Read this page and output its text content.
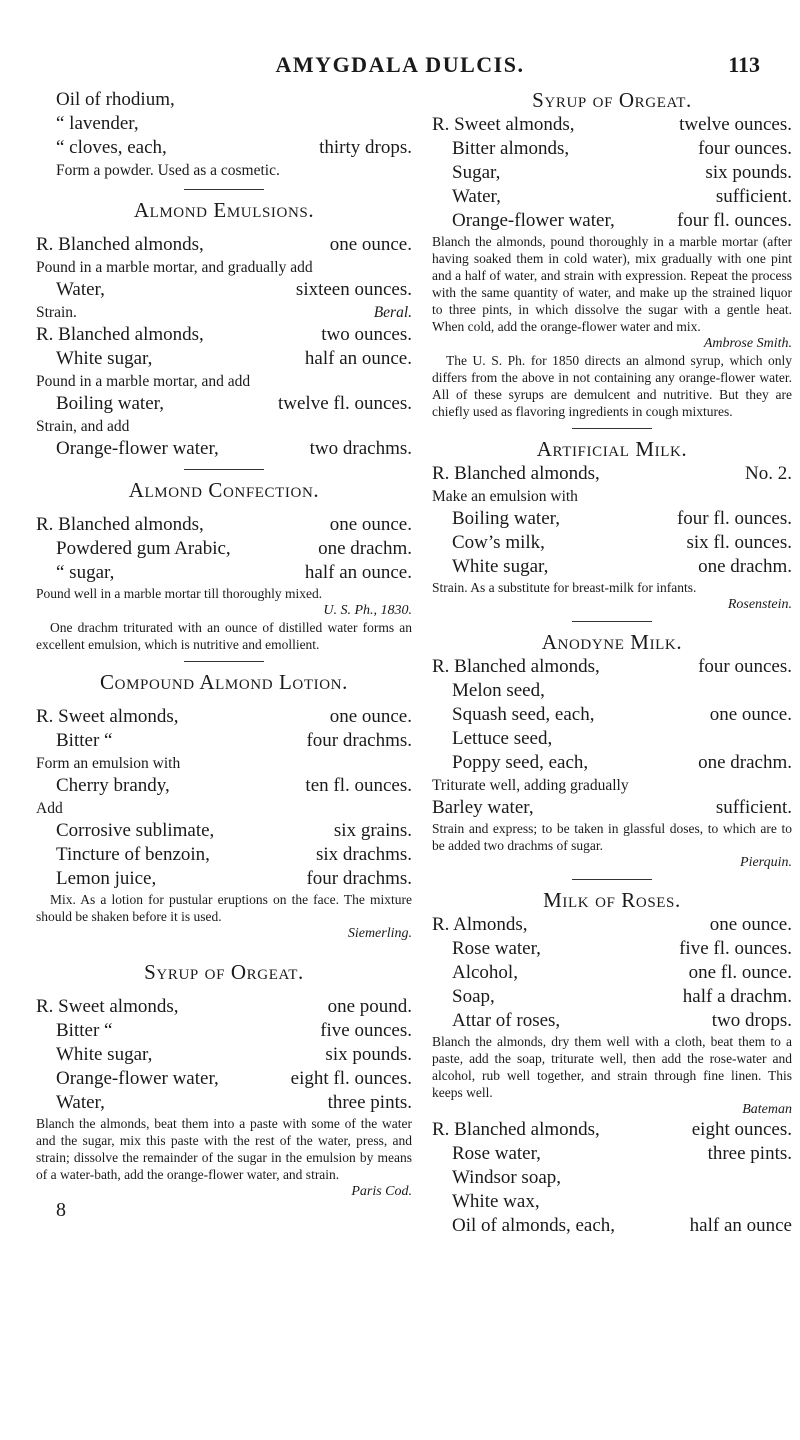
AMYGDALA DULCIS.	113
Oil of rhodium,
“ lavender,
“ cloves, each,	thirty drops.
Form a powder. Used as a cosmetic.
Almond Emulsions.
R. Blanched almonds,	one ounce.
Pound in a marble mortar, and gradually add
Water,	sixteen ounces.
Strain.	Beral.
R. Blanched almonds,	two ounces.
White sugar,	half an ounce.
Pound in a marble mortar, and add
Boiling water,	twelve fl. ounces.
Strain, and add
Orange-flower water,	two drachms.
Almond Confection.
R. Blanched almonds,	one ounce.
Powdered gum Arabic,	one drachm.
“ sugar,	half an ounce.
Pound well in a marble mortar till thoroughly mixed.
U. S. Ph., 1830.
One drachm triturated with an ounce of distilled water forms an excellent emulsion, which is nutritive and emollient.
Compound Almond Lotion.
R. Sweet almonds,	one ounce.
Bitter “	four drachms.
Form an emulsion with
Cherry brandy,	ten fl. ounces.
Add
Corrosive sublimate,	six grains.
Tincture of benzoin,	six drachms.
Lemon juice,	four drachms.
Mix. As a lotion for pustular eruptions on the face. The mixture should be shaken before it is used.
Siemerling.
Syrup of Orgeat.
R. Sweet almonds,	one pound.
Bitter “	five ounces.
White sugar,	six pounds.
Orange-flower water,	eight fl. ounces.
Water,	three pints.
Blanch the almonds, beat them into a paste with some of the water and the sugar, mix this paste with the rest of the water, press, and strain; dissolve the remainder of the sugar in the emulsion by means of a water-bath, add the orange-flower water, and strain.
Paris Cod.
8
Syrup of Orgeat.
R. Sweet almonds,	twelve ounces.
Bitter almonds,	four ounces.
Sugar,	six pounds.
Water,	sufficient.
Orange-flower water,	four fl. ounces.
Blanch the almonds, pound thoroughly in a marble mortar (after having soaked them in cold water), mix gradually with one pint and a half of water, and strain with expression. Repeat the process with the same quantity of water, and make up the strained liquor to three pints, in which dissolve the sugar with a gentle heat. When cold, add the orange-flower water and mix.
Ambrose Smith.
The U. S. Ph. for 1850 directs an almond syrup, which only differs from the above in not containing any orange-flower water. All of these syrups are demulcent and nutritive. But they are chiefly used as flavoring ingredients in cough mixtures.
Artificial Milk.
R. Blanched almonds,	No. 2.
Make an emulsion with
Boiling water,	four fl. ounces.
Cow’s milk,	six fl. ounces.
White sugar,	one drachm.
Strain. As a substitute for breast-milk for infants.
Rosenstein.
Anodyne Milk.
R. Blanched almonds,	four ounces.
Melon seed,
Squash seed, each,	one ounce.
Lettuce seed,
Poppy seed, each,	one drachm.
Triturate well, adding gradually
Barley water,	sufficient.
Strain and express; to be taken in glassful doses, to which are to be added two drachms of sugar.
Pierquin.
Milk of Roses.
R. Almonds,	one ounce.
Rose water,	five fl. ounces.
Alcohol,	one fl. ounce.
Soap,	half a drachm.
Attar of roses,	two drops.
Blanch the almonds, dry them well with a cloth, beat them to a paste, add the soap, triturate well, then add the rose-water and alcohol, rub well together, and strain through fine linen. This keeps well.
Bateman
R. Blanched almonds,	eight ounces.
Rose water,	three pints.
Windsor soap,
White wax,
Oil of almonds, each,	half an ounce
